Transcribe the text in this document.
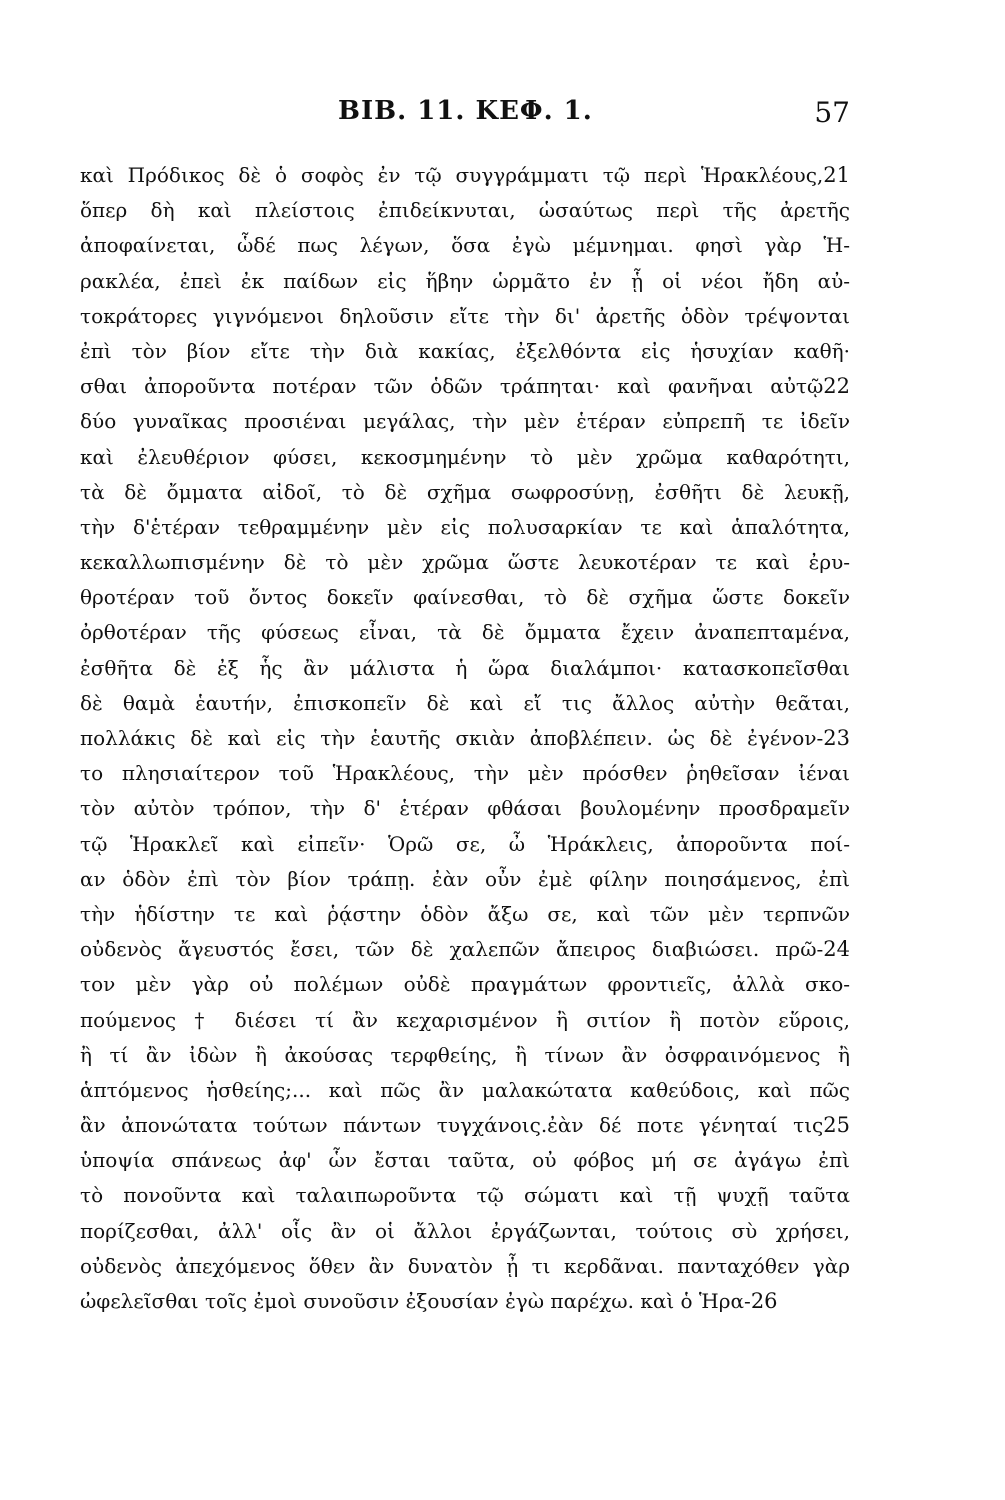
BIB. 11. ΚΕΦ. 1.	57
καὶ Πρόδικος δὲ ὁ σοφὸς ἐν τῷ συγγράμματι τῷ περὶ Ἡρακλέους,21
ὅπερ δὴ καὶ πλείστοις ἐπιδείκνυται, ὡσαύτως περὶ τῆς ἀρετῆς
ἀποφαίνεται, ὧδέ πως λέγων, ὅσα ἐγὼ μέμνημαι. φησὶ γὰρ Ἡ-
ρακλέα, ἐπεὶ ἐκ παίδων εἰς ἥβην ὡρμᾶτο ἐν ᾗ οἱ νέοι ἤδη αὐ-
τοκράτορες γιγνόμενοι δηλοῦσιν εἴτε τὴν δι' ἀρετῆς ὁδὸν τρέψονται
ἐπὶ τὸν βίον εἴτε τὴν διὰ κακίας, ἐξελθόντα εἰς ἡσυχίαν καθῆ·
σθαι ἀποροῦντα ποτέραν τῶν ὁδῶν τράπηται· καὶ φανῆναι αὐτῷ22
δύο γυναῖκας προσιέναι μεγάλας, τὴν μὲν ἑτέραν εὐπρεπῆ τε ἰδεῖν
καὶ ἐλευθέριον φύσει, κεκοσμημένην τὸ μὲν χρῶμα καθαρότητι,
τὰ δὲ ὄμματα αἰδοῖ, τὸ δὲ σχῆμα σωφροσύνῃ, ἐσθῆτι δὲ λευκῇ,
τὴν δ'ἑτέραν τεθραμμένην μὲν εἰς πολυσαρκίαν τε καὶ ἁπαλότητα,
κεκαλλωπισμένην δὲ τὸ μὲν χρῶμα ὥστε λευκοτέραν τε καὶ ἐρυ-
θροτέραν τοῦ ὄντος δοκεῖν φαίνεσθαι, τὸ δὲ σχῆμα ὥστε δοκεῖν
ὀρθοτέραν τῆς φύσεως εἶναι, τὰ δὲ ὄμματα ἔχειν ἀναπεπταμένα,
ἐσθῆτα δὲ ἐξ ἧς ἂν μάλιστα ἡ ὥρα διαλάμποι· κατασκοπεῖσθαι
δὲ θαμὰ ἑαυτήν, ἐπισκοπεῖν δὲ καὶ εἴ τις ἄλλος αὐτὴν θεᾶται,
πολλάκις δὲ καὶ εἰς τὴν ἑαυτῆς σκιὰν ἀποβλέπειν. ὡς δὲ ἐγένον-23
το πλησιαίτερον τοῦ Ἡρακλέους, τὴν μὲν πρόσθεν ῥηθεῖσαν ἰέναι
τὸν αὐτὸν τρόπον, τὴν δ' ἑτέραν φθάσαι βουλομένην προσδραμεῖν
τῷ Ἡρακλεῖ καὶ εἰπεῖν· Ὁρῶ σε, ὦ Ἡράκλεις, ἀποροῦντα ποί-
αν ὁδὸν ἐπὶ τὸν βίον τράπῃ. ἐὰν οὖν ἐμὲ φίλην ποιησάμενος, ἐπὶ
τὴν ἡδίστην τε καὶ ῥᾴστην ὁδὸν ἄξω σε, καὶ τῶν μὲν τερπνῶν
οὐδενὸς ἄγευστός ἔσει, τῶν δὲ χαλεπῶν ἄπειρος διαβιώσει. πρῶ-24
τον μὲν γὰρ οὐ πολέμων οὐδὲ πραγμάτων φροντιεῖς, ἀλλὰ σκο-
πούμενος † διέσει τί ἂν κεχαρισμένον ἢ σιτίον ἢ ποτὸν εὕροις,
ἢ τί ἂν ἰδὼν ἢ ἀκούσας τερφθείης, ἢ τίνων ἂν ὀσφραινόμενος ἢ
ἁπτόμενος ἡσθείης;... καὶ πῶς ἂν μαλακώτατα καθεύδοις, καὶ πῶς
ἂν ἀπονώτατα τούτων πάντων τυγχάνοις.ἐὰν δέ ποτε γένηταί τις25
ὑποψία σπάνεως ἀφ' ὧν ἔσται ταῦτα, οὐ φόβος μή σε ἀγάγω ἐπὶ
τὸ πονοῦντα καὶ ταλαιπωροῦντα τῷ σώματι καὶ τῇ ψυχῇ ταῦτα
πορίζεσθαι, ἀλλ' οἷς ἂν οἱ ἄλλοι ἐργάζωνται, τούτοις σὺ χρήσει,
οὐδενὸς ἀπεχόμενος ὅθεν ἂν δυνατὸν ᾖ τι κερδᾶναι. πανταχόθεν γὰρ
ὠφελεῖσθαι τοῖς ἐμοὶ συνοῦσιν ἐξουσίαν ἐγὼ παρέχω. καὶ ὁ Ἡρα-26
